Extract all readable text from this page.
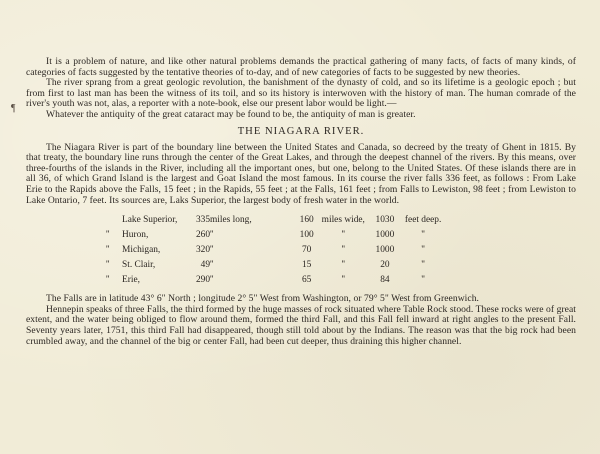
¶

It is a problem of nature, and like other natural problems demands the practical gathering of many facts, of facts of many kinds, of categories of facts suggested by the tentative theories of to-day, and of new categories of facts to be suggested by new theories.

The river sprang from a great geologic revolution, the banishment of the dynasty of cold, and so its lifetime is a geologic epoch ; but from first to last man has been the witness of its toil, and so its history is interwoven with the history of man. The human comrade of the river's youth was not, alas, a reporter with a note-book, else our present labor would be light.—

Whatever the antiquity of the great cataract may be found to be, the antiquity of man is greater.

THE NIAGARA RIVER.

The Niagara River is part of the boundary line between the United States and Canada, so decreed by the treaty of Ghent in 1815. By that treaty, the boundary line runs through the center of the Great Lakes, and through the deepest channel of the rivers. By this means, over three-fourths of the islands in the River, including all the important ones, but one, belong to the United States. Of these islands there are in all 36, of which Grand Island is the largest and Goat Island the most famous. In its course the river falls 336 feet, as follows : From Lake Erie to the Rapids above the Falls, 15 feet ; in the Rapids, 55 feet ; at the Falls, 161 feet ; from Falls to Lewiston, 98 feet ; from Lewiston to Lake Ontario, 7 feet. Its sources are, Laks Superior, the largest body of fresh water in the world.

	Lake Superior,	335	miles long,		160	miles wide,	1030	feet deep.
''	Huron,	260	''		100	''	1000	''
''	Michigan,	320	''		70	''	1000	''
''	St. Clair,	49	''		15	''	20	''
''	Erie,	290	''		65	''	84	''

The Falls are in latitude 43° 6" North ; longitude 2° 5" West from Washington, or 79° 5" West from Greenwich.

Hennepin speaks of three Falls, the third formed by the huge masses of rock situated where Table Rock stood. These rocks were of great extent, and the water being obliged to flow around them, formed the third Fall, and this Fall fell inward at right angles to the present Fall. Seventy years later, 1751, this third Fall had disappeared, though still told about by the Indians. The reason was that the big rock had been crumbled away, and the channel of the big or center Fall, had been cut deeper, thus draining this higher channel.
